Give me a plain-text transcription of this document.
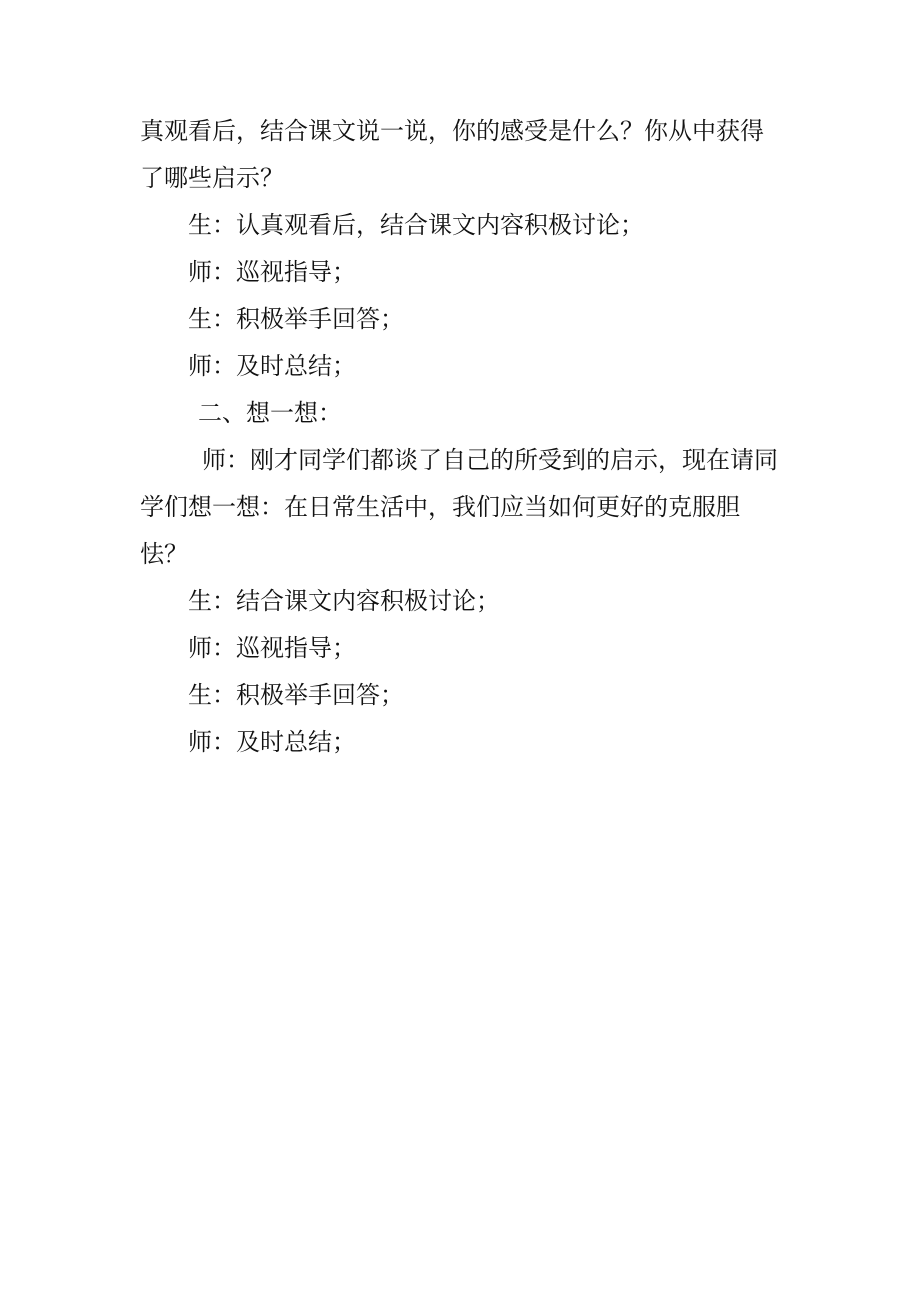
真观看后，结合课文说一说，你的感受是什么？你从中获得了哪些启示？

生：认真观看后，结合课文内容积极讨论；

师：巡视指导；

生：积极举手回答；

师：及时总结；

二、想一想：

师：刚才同学们都谈了自己的所受到的启示，现在请同学们想一想：在日常生活中，我们应当如何更好的克服胆怯？

生：结合课文内容积极讨论；

师：巡视指导；

生：积极举手回答；

师：及时总结；
